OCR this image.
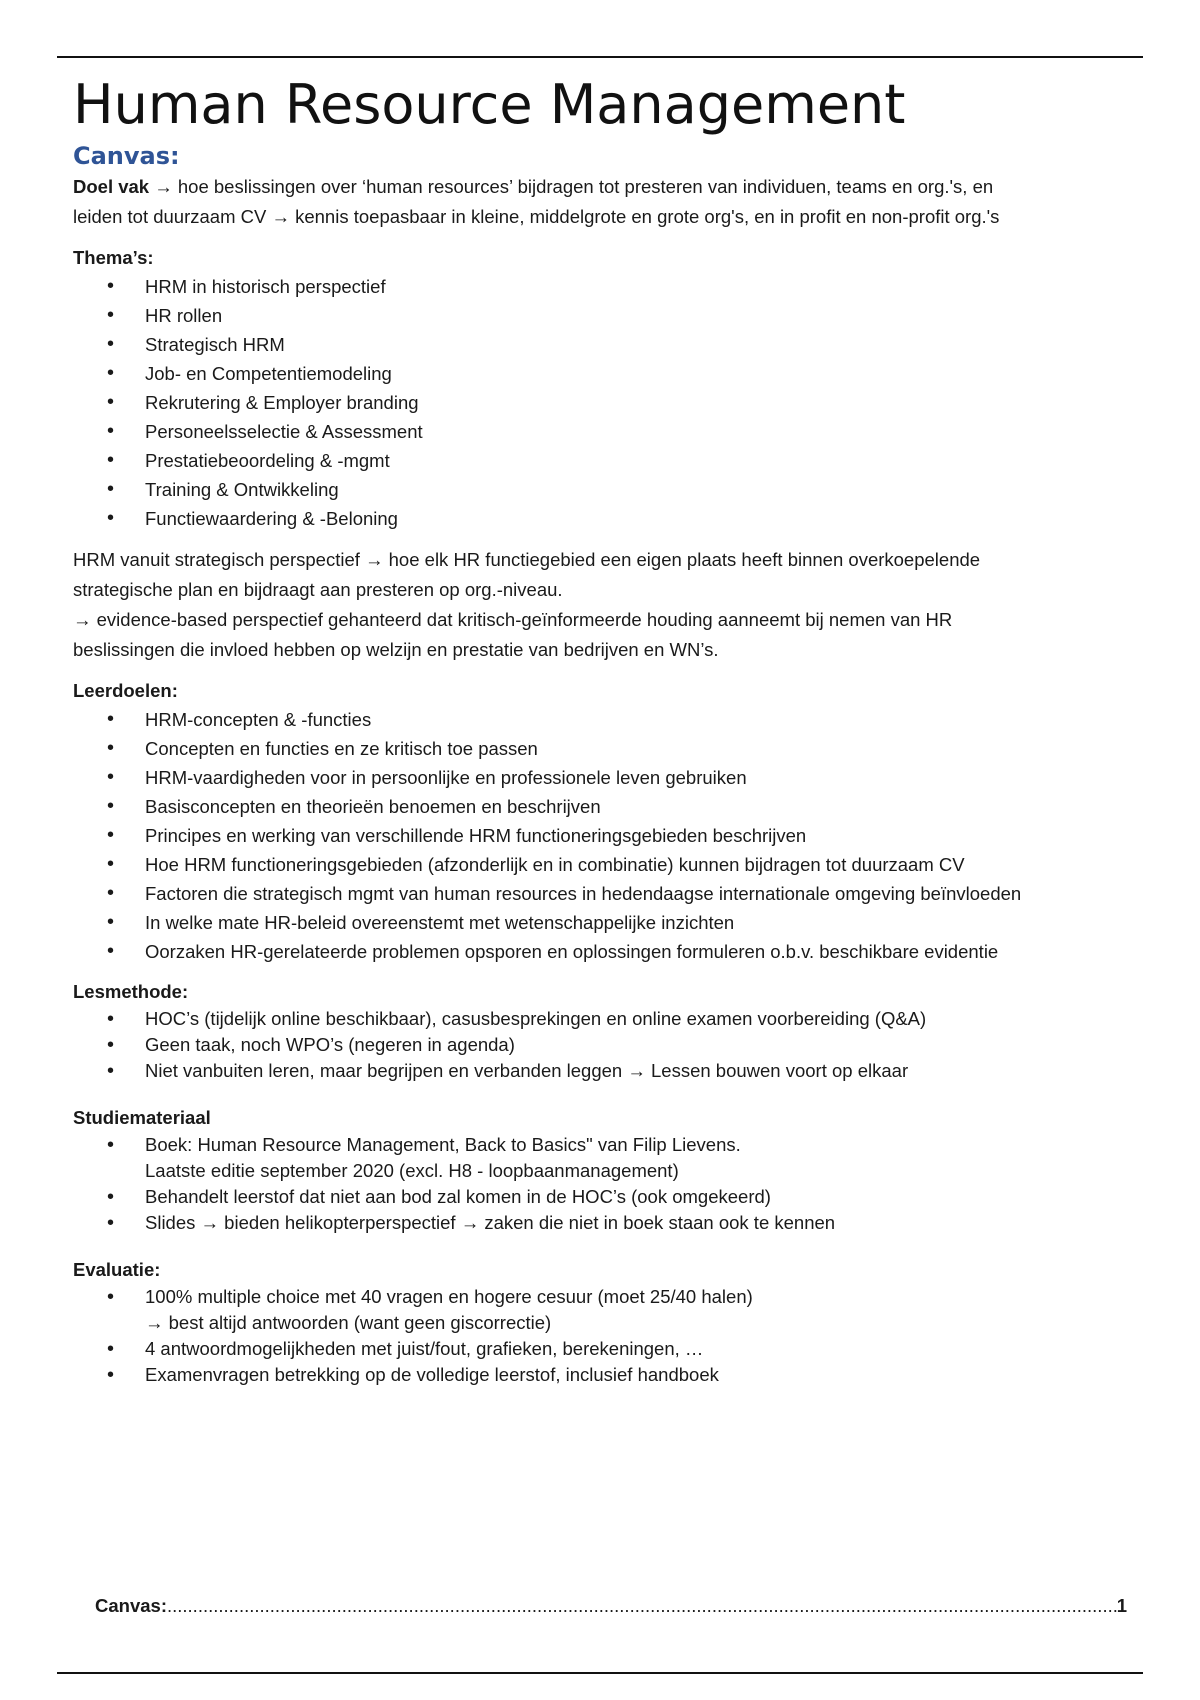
Human Resource Management
Canvas:

Doel vak → hoe beslissingen over ‘human resources’ bijdragen tot presteren van individuen, teams en org.'s, en
leiden tot duurzaam CV → kennis toepasbaar in kleine, middelgrote en grote org's, en in profit en non-profit org.'s

Thema’s:
• HRM in historisch perspectief
• HR rollen
• Strategisch HRM
• Job- en Competentiemodeling
• Rekrutering & Employer branding
• Personeelsselectie & Assessment
• Prestatiebeoordeling & -mgmt
• Training & Ontwikkeling
• Functiewaardering & -Beloning

HRM vanuit strategisch perspectief → hoe elk HR functiegebied een eigen plaats heeft binnen overkoepelende
strategische plan en bijdraagt aan presteren op org.-niveau.
→ evidence-based perspectief gehanteerd dat kritisch-geïnformeerde houding aanneemt bij nemen van HR
beslissingen die invloed hebben op welzijn en prestatie van bedrijven en WN’s.

Leerdoelen:
• HRM-concepten & -functies
• Concepten en functies en ze kritisch toe passen
• HRM-vaardigheden voor in persoonlijke en professionele leven gebruiken
• Basisconcepten en theorieën benoemen en beschrijven
• Principes en werking van verschillende HRM functioneringsgebieden beschrijven
• Hoe HRM functioneringsgebieden (afzonderlijk en in combinatie) kunnen bijdragen tot duurzaam CV
• Factoren die strategisch mgmt van human resources in hedendaagse internationale omgeving beïnvloeden
• In welke mate HR-beleid overeenstemt met wetenschappelijke inzichten
• Oorzaken HR-gerelateerde problemen opsporen en oplossingen formuleren o.b.v. beschikbare evidentie
Lesmethode:
• HOC’s (tijdelijk online beschikbaar), casusbesprekingen en online examen voorbereiding (Q&A)
• Geen taak, noch WPO’s (negeren in agenda)
• Niet vanbuiten leren, maar begrijpen en verbanden leggen → Lessen bouwen voort op elkaar
Studiemateriaal
• Boek: Human Resource Management, Back to Basics" van Filip Lievens.
Laatste editie september 2020 (excl. H8 - loopbaanmanagement)
• Behandelt leerstof dat niet aan bod zal komen in de HOC’s (ook omgekeerd)
• Slides → bieden helikopterperspectief → zaken die niet in boek staan ook te kennen
Evaluatie:
• 100% multiple choice met 40 vragen en hogere cesuur (moet 25/40 halen)
→ best altijd antwoorden (want geen giscorrectie)
• 4 antwoordmogelijkheden met juist/fout, grafieken, berekeningen, …
• Examenvragen betrekking op de volledige leerstof, inclusief handboek
Canvas:
.....	1
